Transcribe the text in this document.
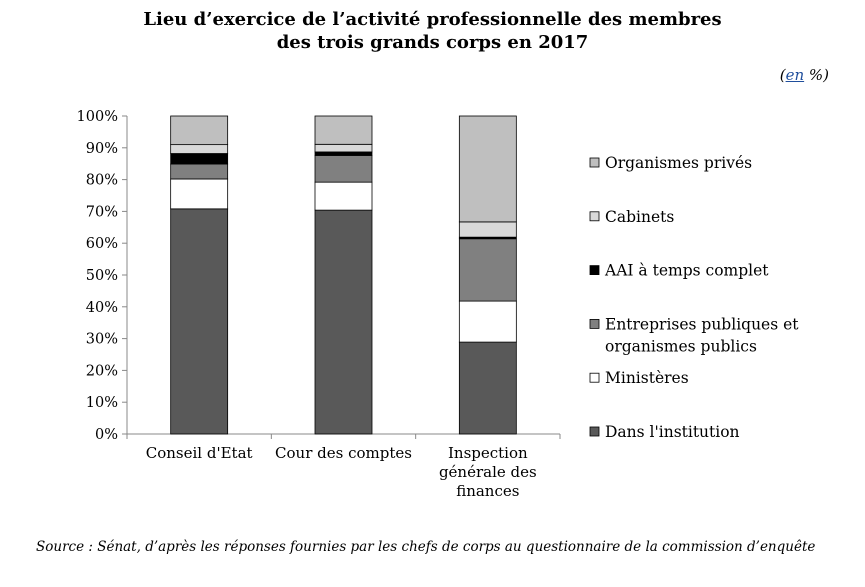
Lieu d’exercice de l’activité professionnelle des membres
des trois grands corps en 2017
(en %)
0%
10%
20%
30%
40%
50%
60%
70%
80%
90%
100%
Conseil d'Etat Cour des comptes Inspection
générale des
finances
Organismes privés
Cabinets
AAI à temps complet
Entreprises publiques et
organismes publics
Ministères
Dans l'institution
Source : Sénat, d’après les réponses fournies par les chefs de corps au questionnaire de la commission d’enquête
